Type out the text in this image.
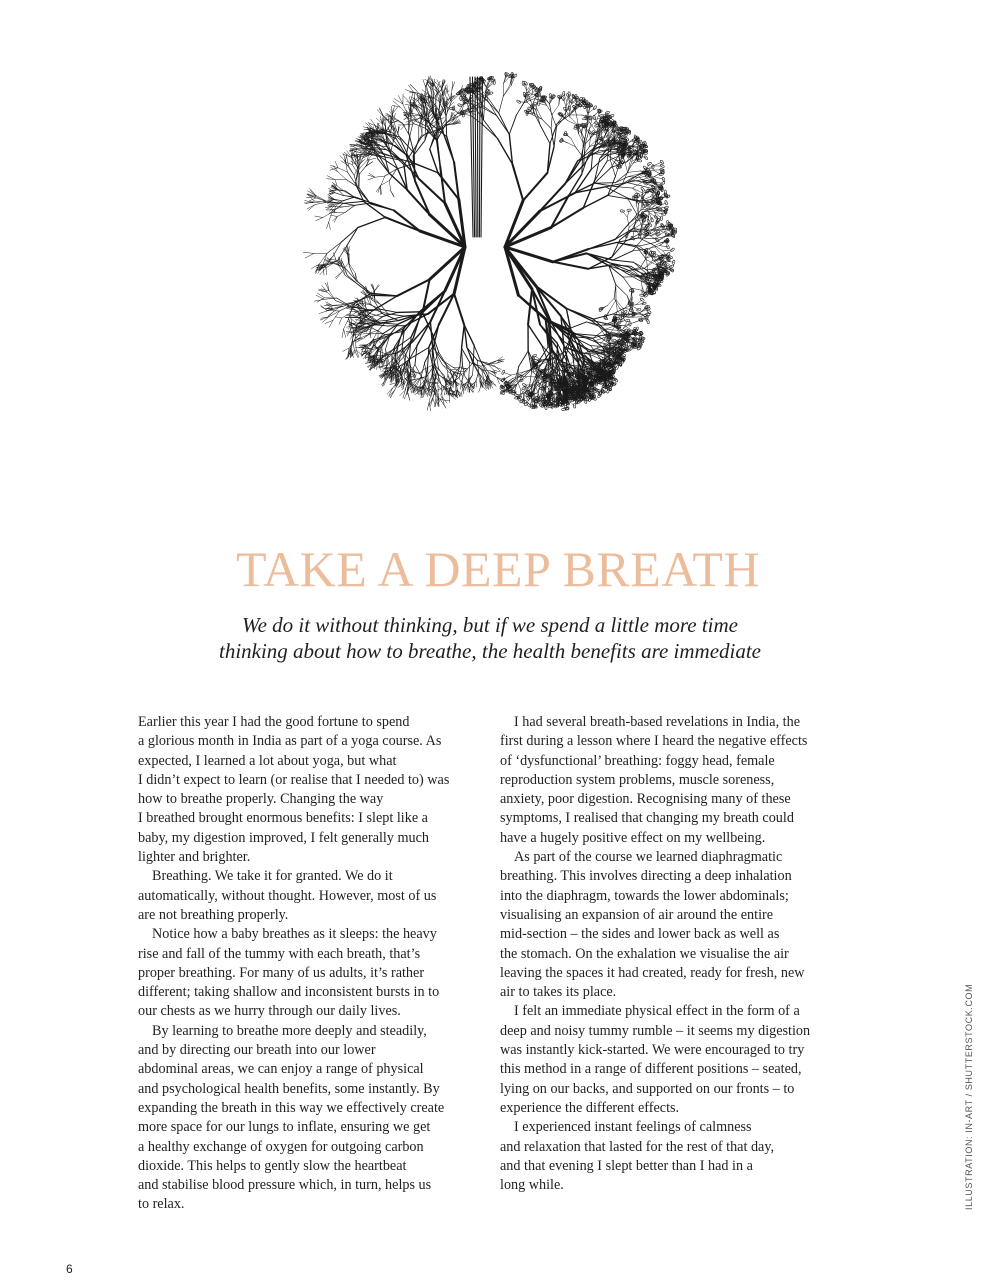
TAKE A DEEP BREATH
We do it without thinking, but if we spend a little more time
thinking about how to breathe, the health benefits are immediate
Earlier this year I had the good fortune to spend
a glorious month in India as part of a yoga course. As
expected, I learned a lot about yoga, but what
I didn’t expect to learn (or realise that I needed to) was
how to breathe properly. Changing the way
I breathed brought enormous benefits: I slept like a
baby, my digestion improved, I felt generally much
lighter and brighter.
Breathing. We take it for granted. We do it
automatically, without thought. However, most of us
are not breathing properly.
Notice how a baby breathes as it sleeps: the heavy
rise and fall of the tummy with each breath, that’s
proper breathing. For many of us adults, it’s rather
different; taking shallow and inconsistent bursts in to
our chests as we hurry through our daily lives.
By learning to breathe more deeply and steadily,
and by directing our breath into our lower
abdominal areas, we can enjoy a range of physical
and psychological health benefits, some instantly. By
expanding the breath in this way we effectively create
more space for our lungs to inflate, ensuring we get
a healthy exchange of oxygen for outgoing carbon
dioxide. This helps to gently slow the heartbeat
and stabilise blood pressure which, in turn, helps us
to relax.
I had several breath-based revelations in India, the
first during a lesson where I heard the negative effects
of ‘dysfunctional’ breathing: foggy head, female
reproduction system problems, muscle soreness,
anxiety, poor digestion. Recognising many of these
symptoms, I realised that changing my breath could
have a hugely positive effect on my wellbeing.
As part of the course we learned diaphragmatic
breathing. This involves directing a deep inhalation
into the diaphragm, towards the lower abdominals;
visualising an expansion of air around the entire
mid-section – the sides and lower back as well as
the stomach. On the exhalation we visualise the air
leaving the spaces it had created, ready for fresh, new
air to takes its place.
I felt an immediate physical effect in the form of a
deep and noisy tummy rumble – it seems my digestion
was instantly kick-started. We were encouraged to try
this method in a range of different positions – seated,
lying on our backs, and supported on our fronts – to
experience the different effects.
I experienced instant feelings of calmness
and relaxation that lasted for the rest of that day,
and that evening I slept better than I had in a
long while.	ILLUSTRATION: IN-ART / SHUTTERSTOCK.COM
6
